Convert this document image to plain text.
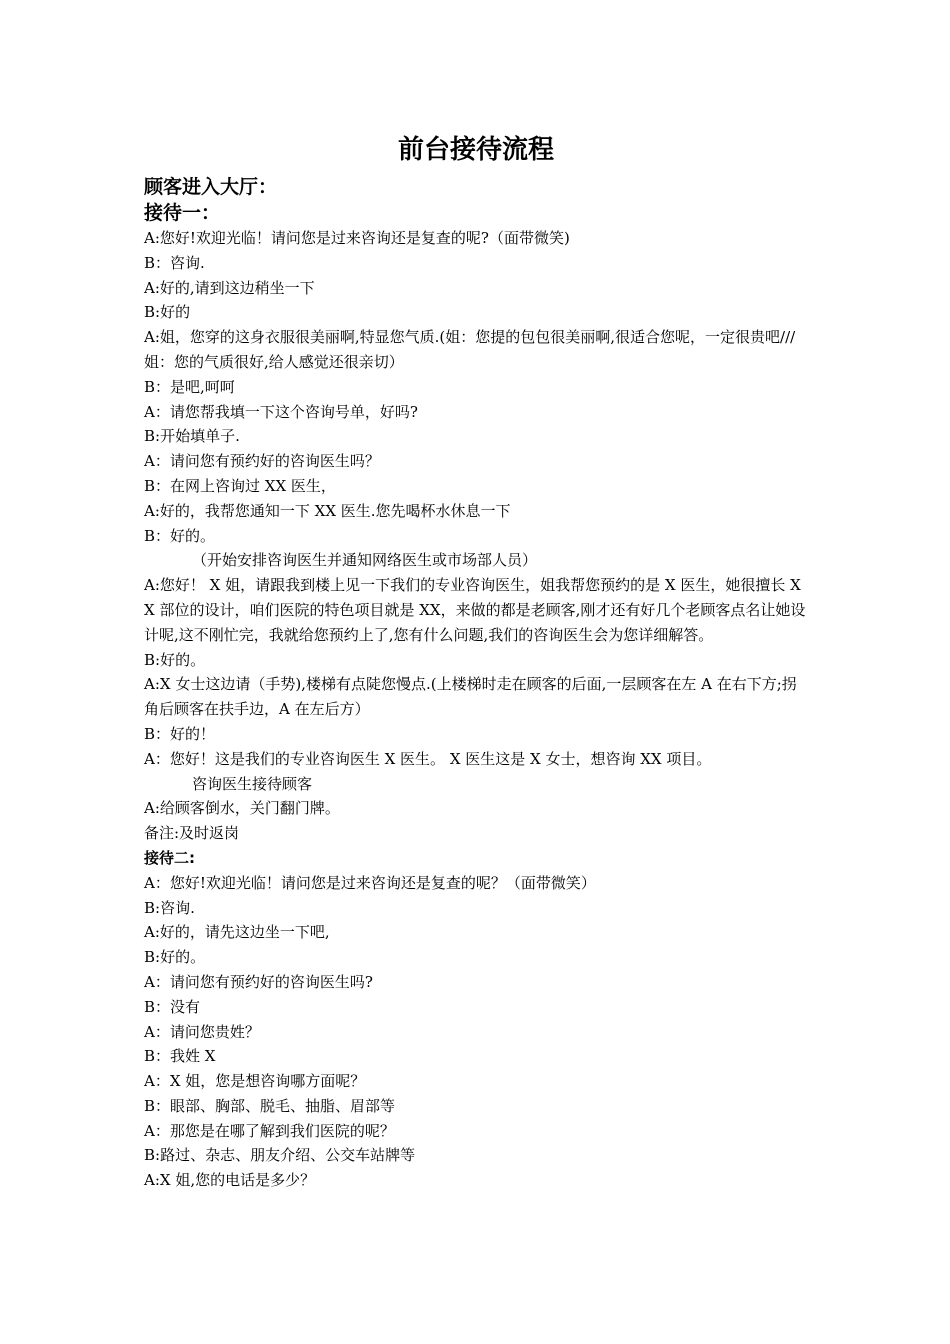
前台接待流程
顾客进入大厅：
接待一：
A:您好!欢迎光临！请问您是过来咨询还是复查的呢?（面带微笑)
B：咨询.
A:好的,请到这边稍坐一下
B:好的
A:姐，您穿的这身衣服很美丽啊,特显您气质.(姐：您提的包包很美丽啊,很适合您呢，一定很贵吧///姐：您的气质很好,给人感觉还很亲切）
B：是吧,呵呵
A：请您帮我填一下这个咨询号单，好吗?
B:开始填单子.
A：请问您有预约好的咨询医生吗？
B：在网上咨询过 XX 医生，
A:好的，我帮您通知一下 XX 医生.您先喝杯水休息一下
B：好的。
（开始安排咨询医生并通知网络医生或市场部人员）
A:您好！ X 姐，请跟我到楼上见一下我们的专业咨询医生，姐我帮您预约的是 X 医生，她很擅长 XX 部位的设计，咱们医院的特色项目就是 XX，来做的都是老顾客,刚才还有好几个老顾客点名让她设计呢,这不刚忙完，我就给您预约上了,您有什么问题,我们的咨询医生会为您详细解答。
B:好的。
A:X 女士这边请（手势),楼梯有点陡您慢点.(上楼梯时走在顾客的后面,一层顾客在左 A 在右下方;拐角后顾客在扶手边，A 在左后方）
B：好的！
A：您好！这是我们的专业咨询医生 X 医生。 X 医生这是 X 女士，想咨询 XX 项目。
咨询医生接待顾客
A:给顾客倒水，关门翻门牌。
备注:及时返岗
接待二:
A：您好!欢迎光临！请问您是过来咨询还是复查的呢？（面带微笑）
B:咨询.
A:好的，请先这边坐一下吧,
B:好的。
A：请问您有预约好的咨询医生吗?
B：没有
A：请问您贵姓？
B：我姓 X
A：X 姐，您是想咨询哪方面呢？
B：眼部、胸部、脱毛、抽脂、眉部等
A：那您是在哪了解到我们医院的呢？
B:路过、杂志、朋友介绍、公交车站牌等
A:X 姐,您的电话是多少？
